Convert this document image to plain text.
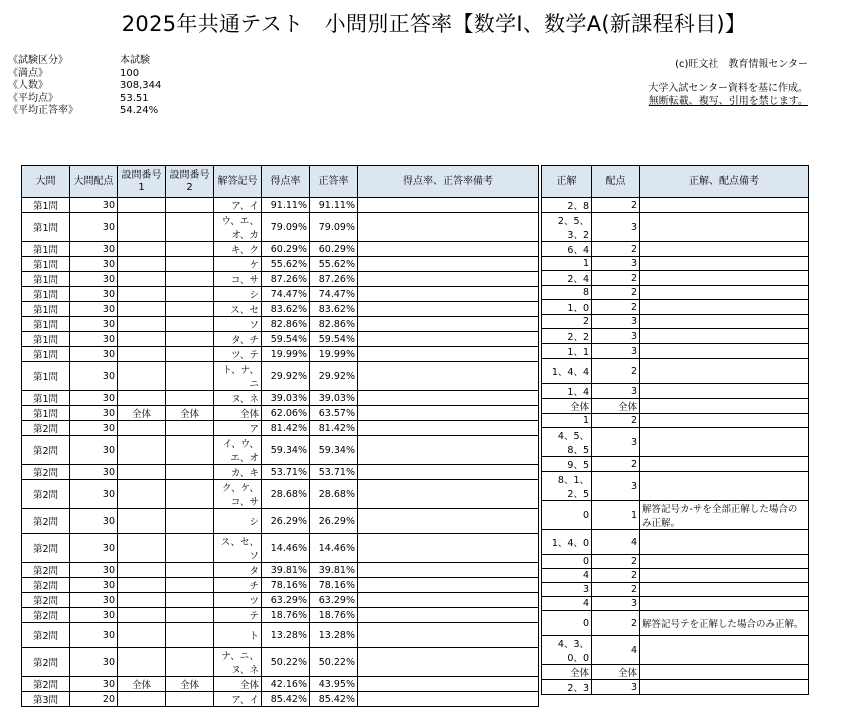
2025年共通テスト　小問別正答率【数学Ⅰ、数学A(新課程科目)】
《試験区分》	本試験
《満点》	100
《人数》	308,344
《平均点》	53.51
《平均正答率》	54.24%
(c)旺文社　教育情報センター
大学入試センター資料を基に作成。
無断転載、複写、引用を禁じます。
大問	大問配点	設問番号1	設問番号2	解答記号	得点率	正答率	得点率、正答率備考
第1問	30			ア、イ	91.11%	91.11%	
第1問	30			ウ、エ、オ、カ	79.09%	79.09%	
第1問	30			キ、ク	60.29%	60.29%	
第1問	30			ケ	55.62%	55.62%	
第1問	30			コ、サ	87.26%	87.26%	
第1問	30			シ	74.47%	74.47%	
第1問	30			ス、セ	83.62%	83.62%	
第1問	30			ソ	82.86%	82.86%	
第1問	30			タ、チ	59.54%	59.54%	
第1問	30			ツ、テ	19.99%	19.99%	
第1問	30			ト、ナ、ニ	29.92%	29.92%	
第1問	30			ヌ、ネ	39.03%	39.03%	
第1問	30	全体	全体	全体	62.06%	63.57%	
第2問	30			ア	81.42%	81.42%	
第2問	30			イ、ウ、エ、オ	59.34%	59.34%	
第2問	30			カ、キ	53.71%	53.71%	
第2問	30			ク、ケ、コ、サ	28.68%	28.68%	
第2問	30			シ	26.29%	26.29%	
第2問	30			ス、セ、ソ	14.46%	14.46%	
第2問	30			タ	39.81%	39.81%	
第2問	30			チ	78.16%	78.16%	
第2問	30			ツ	63.29%	63.29%	
第2問	30			テ	18.76%	18.76%	
第2問	30			ト	13.28%	13.28%	
第2問	30			ナ、ニ、ヌ、ネ	50.22%	50.22%	
第2問	30	全体	全体	全体	42.16%	43.95%	
第3問	20			ア、イ	85.42%	85.42%	
正解	配点	正解、配点備考
2、8	2	
2、5、3、2	3	
6、4	2	
1	3	
2、4	2	
8	2	
1、0	2	
2	3	
2、2	3	
1、1	3	
1、4、4	2	
1、4	3	
全体	全体	
1	2	
4、5、8、5	3	
9、5	2	
8、1、2、5	3	
0	1	解答記号カ-サを全部正解した場合のみ正解。
1、4、0	4	
0	2	
4	2	
3	2	
4	3	
0	2	解答記号テを正解した場合のみ正解。
4、3、0、0	4	
全体	全体	
2、3	3	
